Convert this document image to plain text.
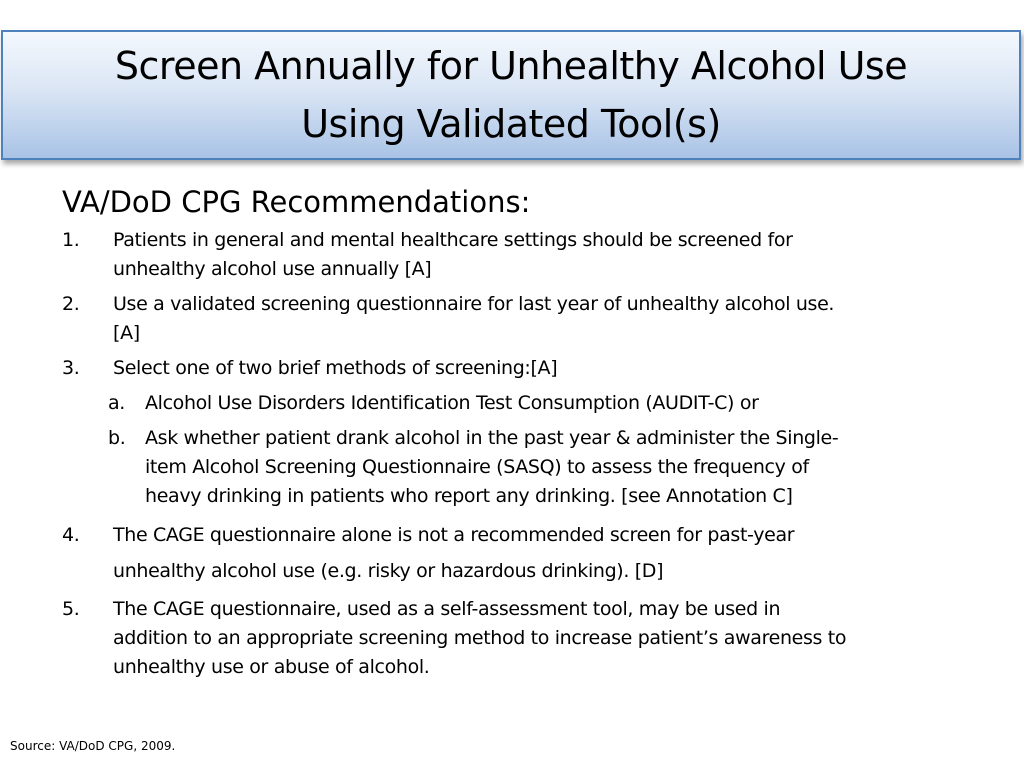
Screen Annually for Unhealthy Alcohol Use
Using Validated Tool(s)
VA/DoD CPG Recommendations:
1. Patients in general and mental healthcare settings should be screened for
unhealthy alcohol use annually [A]
2. Use a validated screening questionnaire for last year of unhealthy alcohol use.
[A]
3. Select one of two brief methods of screening:[A]
a. Alcohol Use Disorders Identification Test Consumption (AUDIT-C) or
b. Ask whether patient drank alcohol in the past year & administer the Single-
item Alcohol Screening Questionnaire (SASQ) to assess the frequency of
heavy drinking in patients who report any drinking. [see Annotation C]
4. The CAGE questionnaire alone is not a recommended screen for past-year
unhealthy alcohol use (e.g. risky or hazardous drinking). [D]
5. The CAGE questionnaire, used as a self-assessment tool, may be used in
addition to an appropriate screening method to increase patient’s awareness to
unhealthy use or abuse of alcohol.
Source: VA/DoD CPG, 2009.
